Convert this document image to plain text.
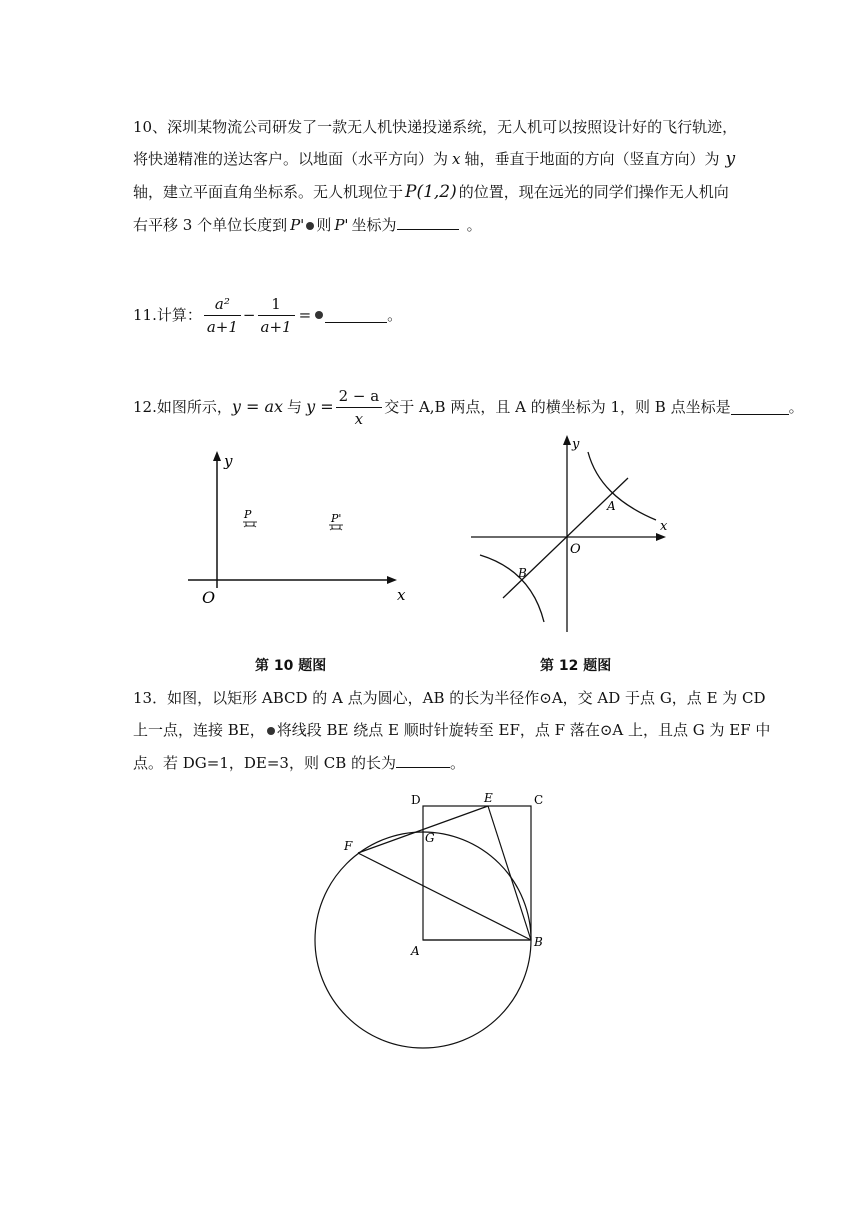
10、深圳某物流公司研发了一款无人机快递投递系统，无人机可以按照设计好的飞行轨迹，
将快递精准的送达客户。以地面（水平方向）为 x 轴，垂直于地面的方向（竖直方向）为 y
轴，建立平面直角坐标系。无人机现位于 P(1,2) 的位置，现在远光的同学们操作无人机向
右平移 3 个单位长度到 P' 则 P' 坐标为	。
11.计算： $\frac{\text{a²}}{a+1} - \frac{1}{a+1}$ =	。
12.如图所示， y = ax 与 $y = \frac{2 - a}{x}$ 交于 A,B 两点，且 A 的横坐标为 1，则 B 点坐标是	。
y
x
O
P	P'
第 10 题图
y
x
O
A
B
第 12 题图
13．如图，以矩形 ABCD 的 A 点为圆心，AB 的长为半径作⊙A，交 AD 于点 G，点 E 为 CD
上一点，连接 BE， 将线段 BE 绕点 E 顺时针旋转至 EF，点 F 落在⊙A 上，且点 G 为 EF 中
点。若 DG=1，DE=3，则 CB 的长为	。
D	E	C
G
F
A
B
